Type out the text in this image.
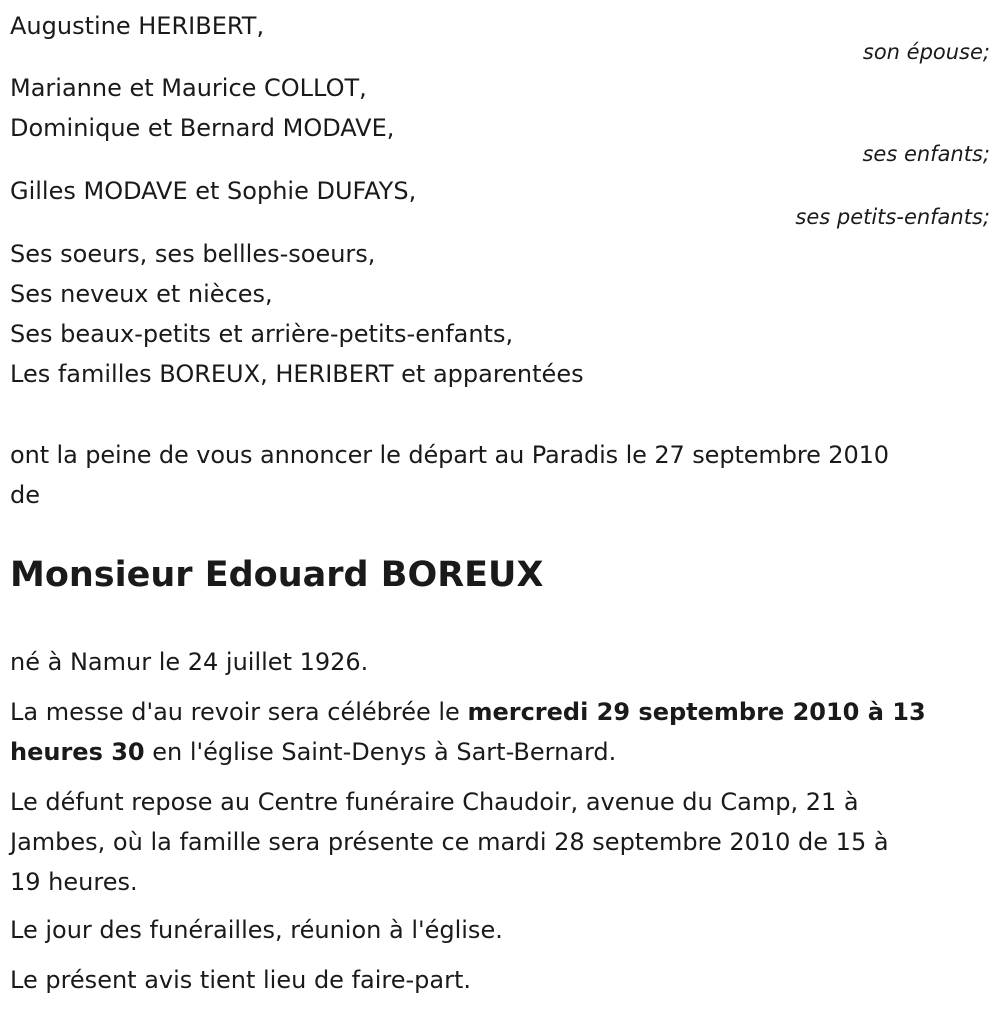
Augustine HERIBERT,

son épouse;

Marianne et Maurice COLLOT,

Dominique et Bernard MODAVE,

ses enfants;

Gilles MODAVE et Sophie DUFAYS,

ses petits-enfants;

Ses soeurs, ses bellles-soeurs,

Ses neveux et nièces,

Ses beaux-petits et arrière-petits-enfants,

Les familles BOREUX, HERIBERT et apparentées

ont la peine de vous annoncer le départ au Paradis le 27 septembre 2010

de

Monsieur Edouard BOREUX

né à Namur le 24 juillet 1926.

La messe d'au revoir sera célébrée le mercredi 29 septembre 2010 à 13

heures 30 en l'église Saint-Denys à Sart-Bernard.

Le défunt repose au Centre funéraire Chaudoir, avenue du Camp, 21 à

Jambes, où la famille sera présente ce mardi 28 septembre 2010 de 15 à

19 heures.

Le jour des funérailles, réunion à l'église.

Le présent avis tient lieu de faire-part.
